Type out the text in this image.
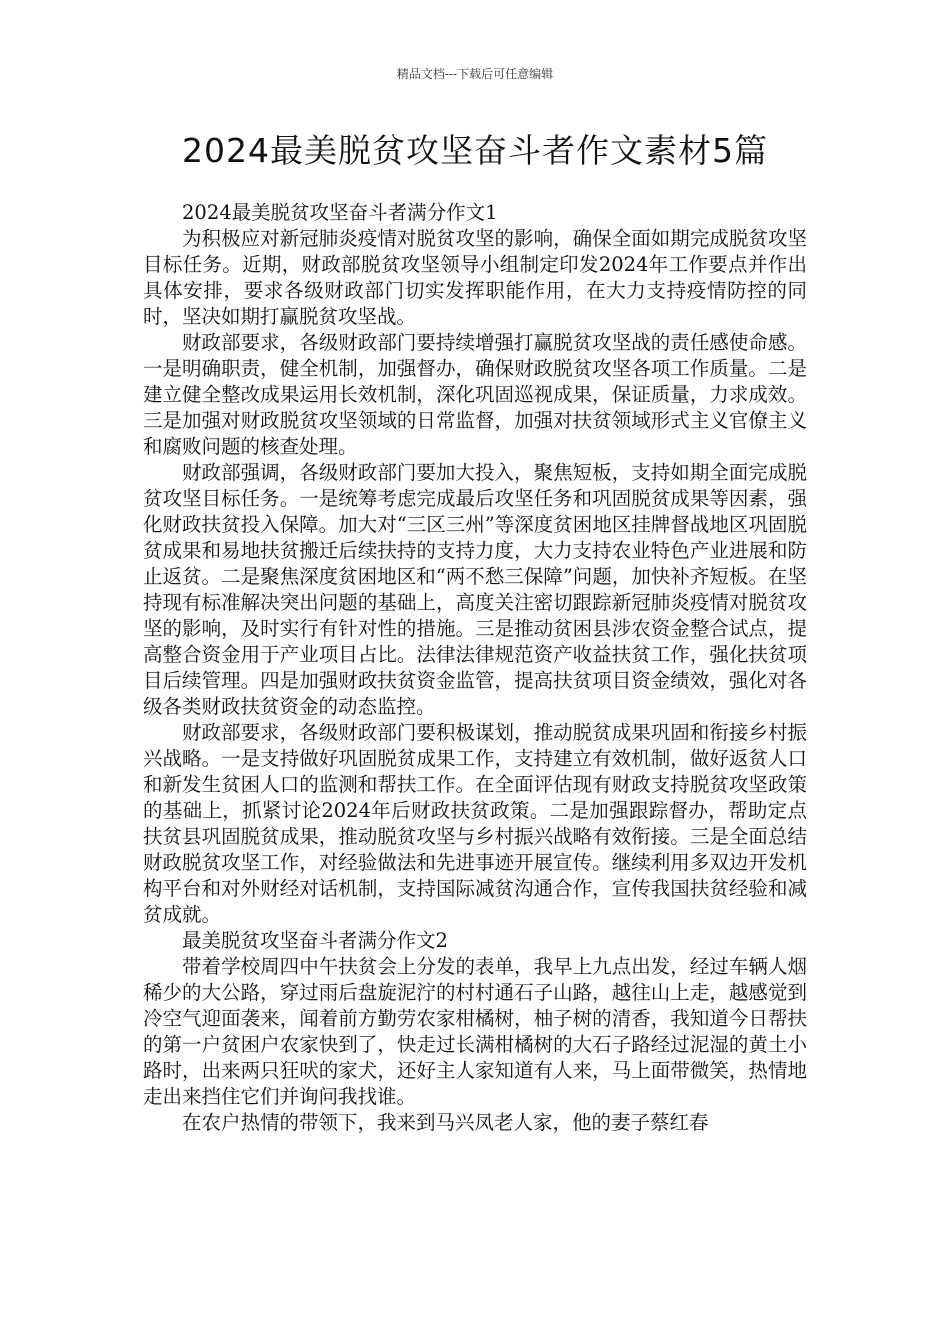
精品文档---下载后可任意编辑
2024最美脱贫攻坚奋斗者作文素材5篇

2024最美脱贫攻坚奋斗者满分作文1

为积极应对新冠肺炎疫情对脱贫攻坚的影响，确保全面如期完成脱贫攻坚目标任务。近期，财政部脱贫攻坚领导小组制定印发2024年工作要点并作出具体安排，要求各级财政部门切实发挥职能作用，在大力支持疫情防控的同时，坚决如期打赢脱贫攻坚战。

财政部要求，各级财政部门要持续增强打赢脱贫攻坚战的责任感使命感。一是明确职责，健全机制，加强督办，确保财政脱贫攻坚各项工作质量。二是建立健全整改成果运用长效机制，深化巩固巡视成果，保证质量，力求成效。三是加强对财政脱贫攻坚领域的日常监督，加强对扶贫领域形式主义官僚主义和腐败问题的核查处理。

财政部强调，各级财政部门要加大投入，聚焦短板，支持如期全面完成脱贫攻坚目标任务。一是统筹考虑完成最后攻坚任务和巩固脱贫成果等因素，强化财政扶贫投入保障。加大对“三区三州”等深度贫困地区挂牌督战地区巩固脱贫成果和易地扶贫搬迁后续扶持的支持力度，大力支持农业特色产业进展和防止返贫。二是聚焦深度贫困地区和“两不愁三保障”问题，加快补齐短板。在坚持现有标准解决突出问题的基础上，高度关注密切跟踪新冠肺炎疫情对脱贫攻坚的影响，及时实行有针对性的措施。三是推动贫困县涉农资金整合试点，提高整合资金用于产业项目占比。法律法律规范资产收益扶贫工作，强化扶贫项目后续管理。四是加强财政扶贫资金监管，提高扶贫项目资金绩效，强化对各级各类财政扶贫资金的动态监控。

财政部要求，各级财政部门要积极谋划，推动脱贫成果巩固和衔接乡村振兴战略。一是支持做好巩固脱贫成果工作，支持建立有效机制，做好返贫人口和新发生贫困人口的监测和帮扶工作。在全面评估现有财政支持脱贫攻坚政策的基础上，抓紧讨论2024年后财政扶贫政策。二是加强跟踪督办，帮助定点扶贫县巩固脱贫成果，推动脱贫攻坚与乡村振兴战略有效衔接。三是全面总结财政脱贫攻坚工作，对经验做法和先进事迹开展宣传。继续利用多双边开发机构平台和对外财经对话机制，支持国际减贫沟通合作，宣传我国扶贫经验和减贫成就。

最美脱贫攻坚奋斗者满分作文2

带着学校周四中午扶贫会上分发的表单，我早上九点出发，经过车辆人烟稀少的大公路，穿过雨后盘旋泥泞的村村通石子山路，越往山上走，越感觉到冷空气迎面袭来，闻着前方勤劳农家柑橘树，柚子树的清香，我知道今日帮扶的第一户贫困户农家快到了，快走过长满柑橘树的大石子路经过泥湿的黄土小路时，出来两只狂吠的家犬，还好主人家知道有人来，马上面带微笑，热情地走出来挡住它们并询问我找谁。

在农户热情的带领下，我来到马兴凤老人家，他的妻子蔡红春
